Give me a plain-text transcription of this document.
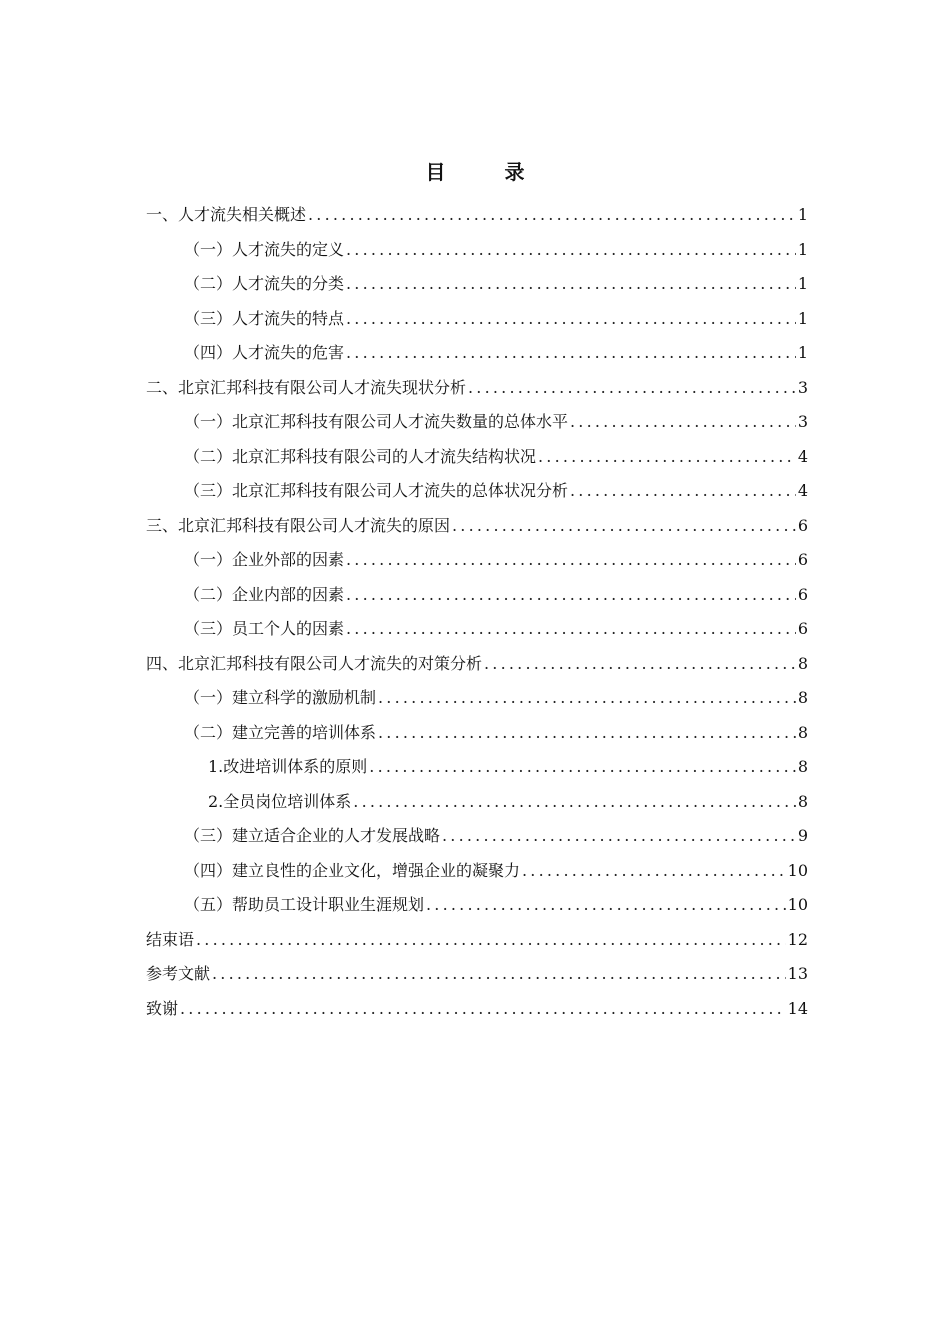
目 录
一、人才流失相关概述 .....	1
（一）人才流失的定义 .....	1
（二）人才流失的分类 .....	1
（三）人才流失的特点 .....	1
（四）人才流失的危害 .....	1
二、北京汇邦科技有限公司人才流失现状分析 .....	3
（一）北京汇邦科技有限公司人才流失数量的总体水平 .....	3
（二）北京汇邦科技有限公司的人才流失结构状况 .....	4
（三）北京汇邦科技有限公司人才流失的总体状况分析 .....	4
三、北京汇邦科技有限公司人才流失的原因 .....	6
（一）企业外部的因素 .....	6
（二）企业内部的因素 .....	6
（三）员工个人的因素 .....	6
四、北京汇邦科技有限公司人才流失的对策分析 .....	8
（一）建立科学的激励机制 .....	8
（二）建立完善的培训体系 .....	8
1.改进培训体系的原则 .....	8
2.全员岗位培训体系 .....	8
（三）建立适合企业的人才发展战略 .....	9
（四）建立良性的企业文化，增强企业的凝聚力 .....	10
（五）帮助员工设计职业生涯规划 .....	10
结束语 .....	12
参考文献 .....	13
致谢 .....	14
